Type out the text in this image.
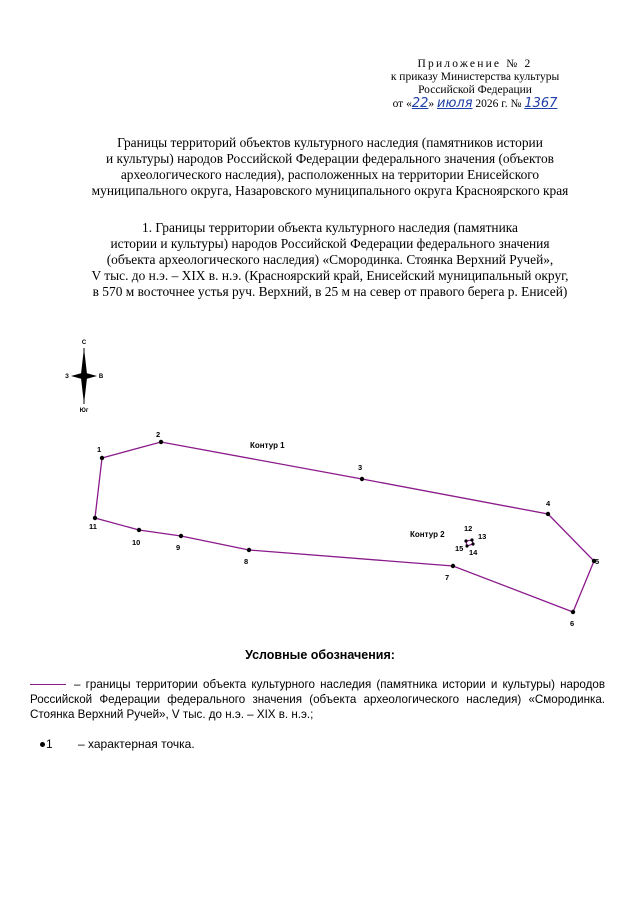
Приложение № 2
к приказу Министерства культуры
Российской Федерации
от «22» июля 2026 г. № 1367
Границы территорий объектов культурного наследия (памятников истории
и культуры) народов Российской Федерации федерального значения (объектов
археологического наследия), расположенных на территории Енисейского
муниципального округа, Назаровского муниципального округа Красноярского края
1. Границы территории объекта культурного наследия (памятника
истории и культуры) народов Российской Федерации федерального значения
(объекта археологического наследия) «Смородинка. Стоянка Верхний Ручей»,
V тыс. до н.э. – XIX в. н.э. (Красноярский край, Енисейский муниципальный округ,
в 570 м восточнее устья руч. Верхний, в 25 м на север от правого берега р. Енисей)
С
Юг
З	В
1
2
3
4
5
6
7
8
9
10
11	12
13
14
15
Контур 1
Контур 2
Условные обозначения:
– границы территории объекта культурного наследия (памятника истории и культуры) народов Российской Федерации федерального значения (объекта археологического наследия) «Смородинка. Стоянка Верхний Ручей», V тыс. до н.э. – XIX в. н.э.;
1 – характерная точка.
